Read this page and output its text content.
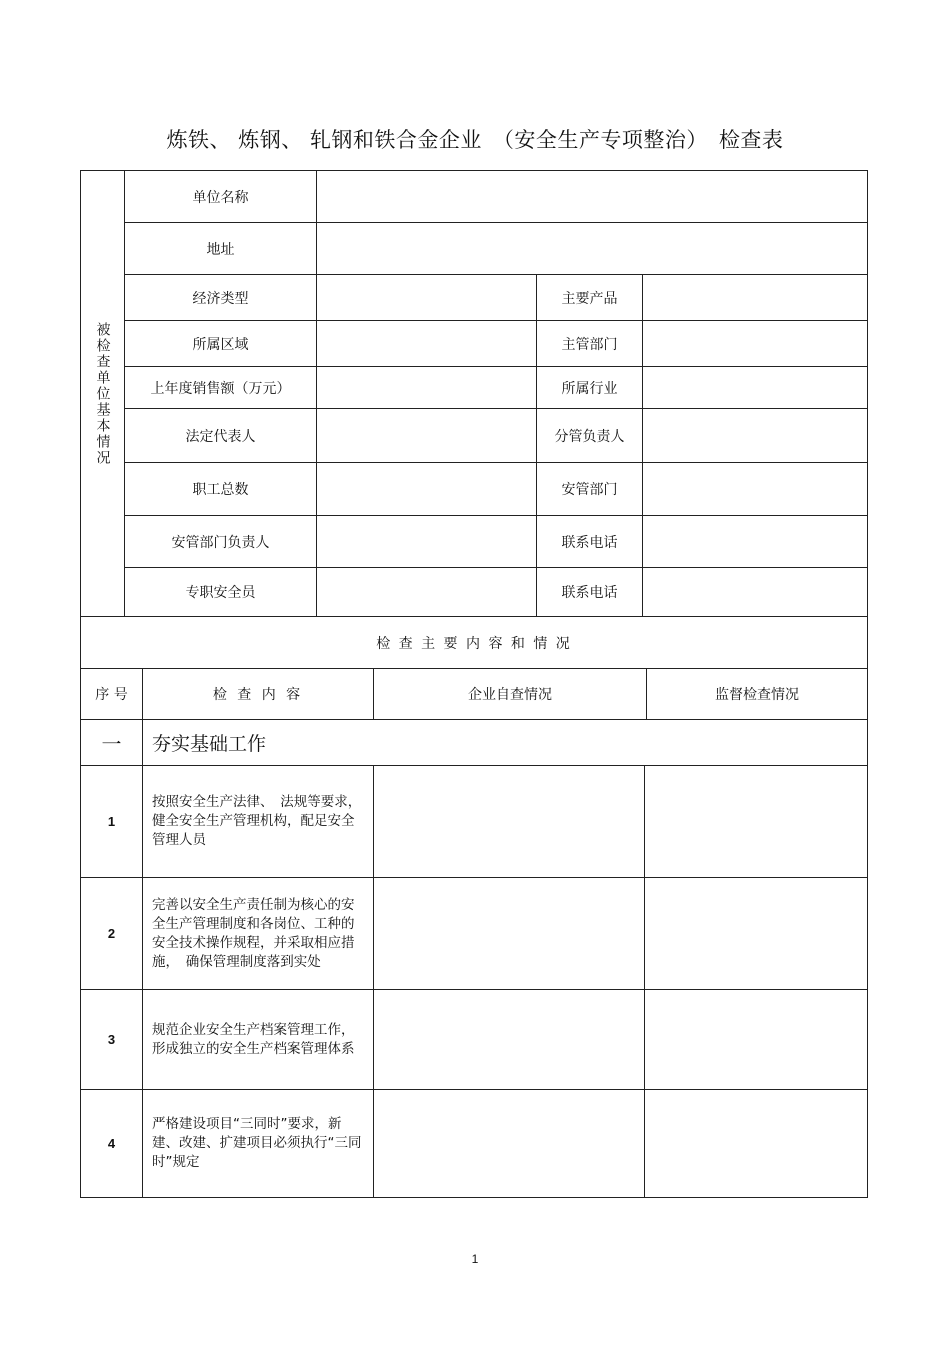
炼铁、 炼钢、 轧钢和铁合金企业　（安全生产专项整治）　检查表
被检查单位基本情况
单位名称
地址
经济类型	主要产品
所属区域	主管部门
上年度销售额（万元）	所属行业
法定代表人	分管负责人
职工总数	安管部门
安管部门负责人	联系电话
专职安全员	联系电话
检 查 主 要 内 容 和 情 况
序 号	检 查 内 容	企业自查情况	监督检查情况
一	夯实基础工作
1
按照安全生产法律、　法规等要求，健全安全生产管理机构，配足安全管理人员
2
完善以安全生产责任制为核心的安全生产管理制度和各岗位、工种的安全技术操作规程，并采取相应措施，　确保管理制度落到实处
3
规范企业安全生产档案管理工作，形成独立的安全生产档案管理体系
4
严格建设项目“三同时”要求，新建、改建、扩建项目必须执行“三同时”规定
1
